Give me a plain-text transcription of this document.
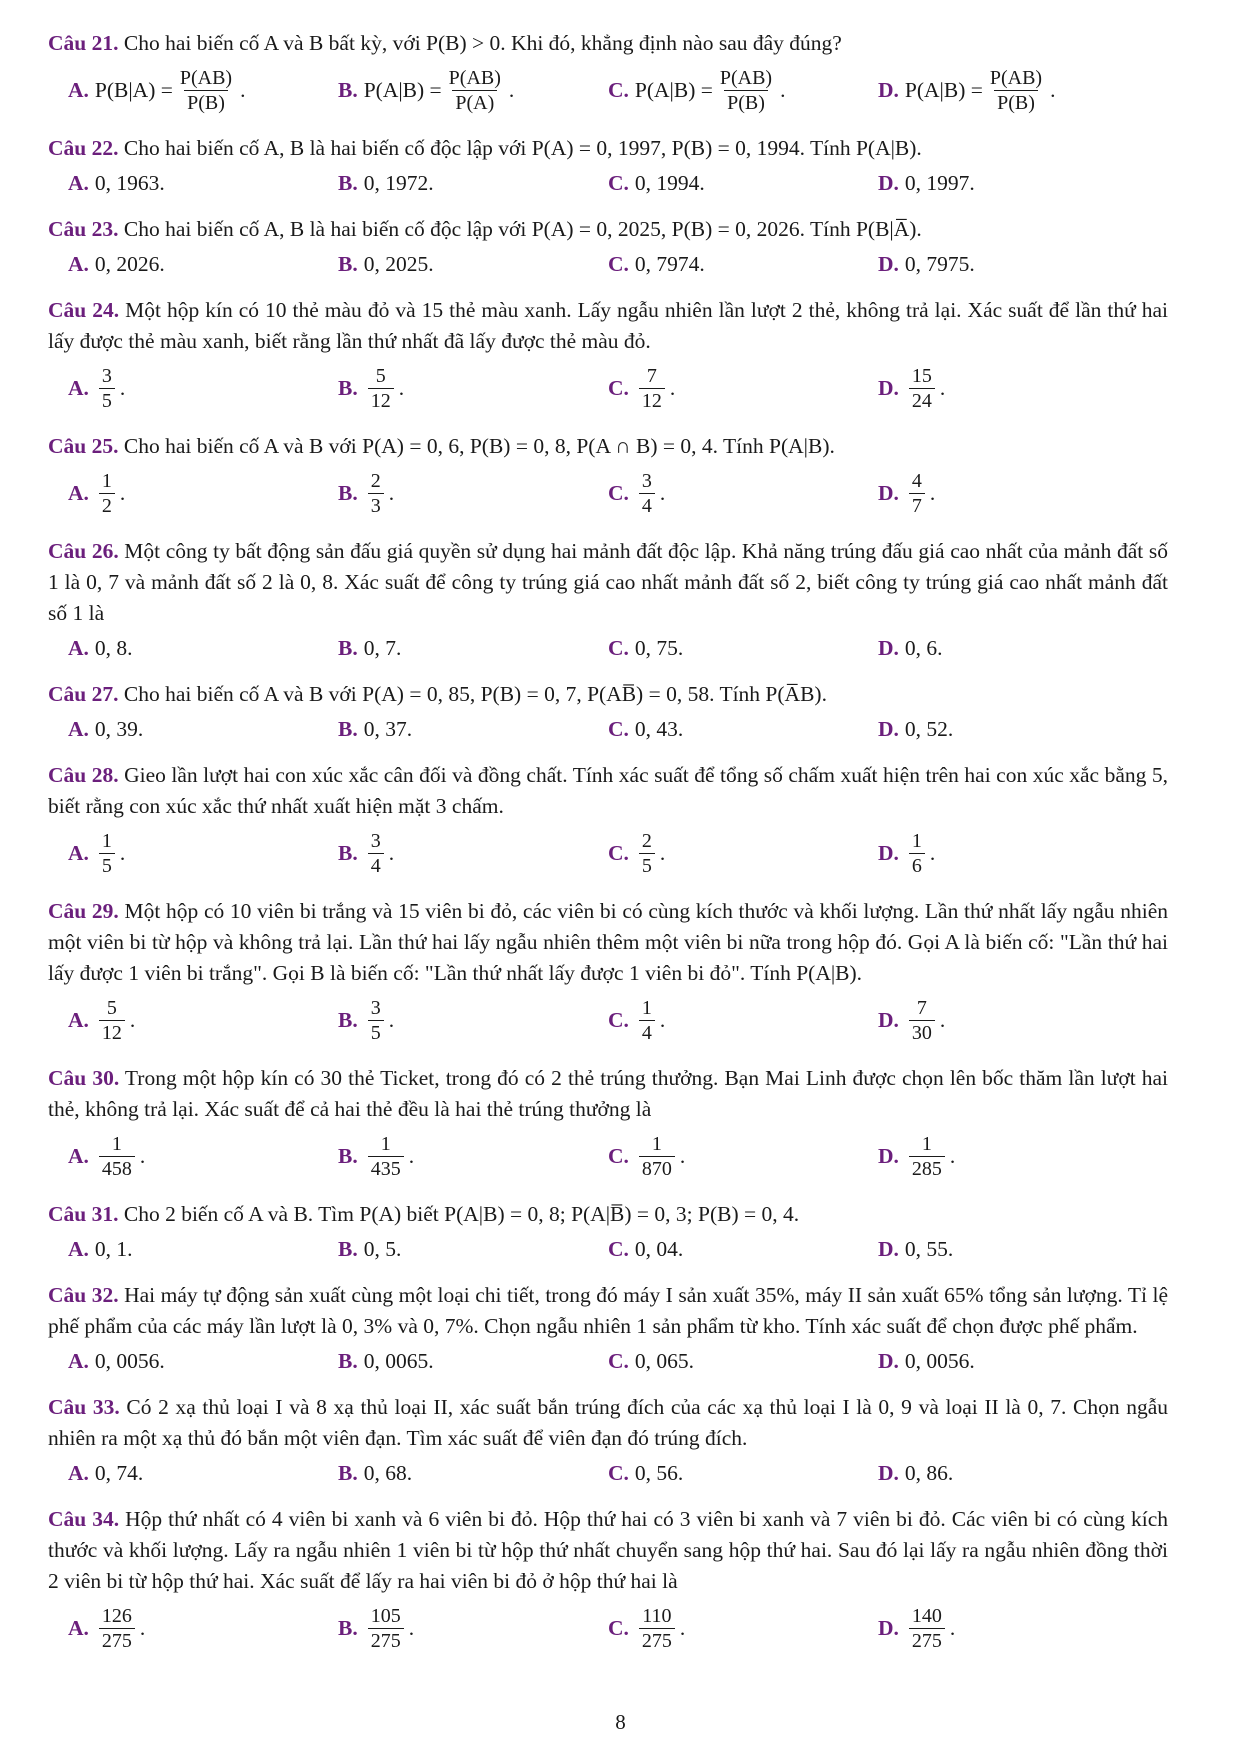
Câu 21. Cho hai biến cố A và B bất kỳ, với P(B) > 0. Khi đó, khẳng định nào sau đây đúng?
A. $P(B|A) = \frac{P(AB)}{P(B)}$ .	B. $P(A|B) = \frac{P(AB)}{P(A)}$ .	C. $P(A|B) = \frac{P(AB)}{P(B)}$ .	D. $P(A|B) = \frac{P(AB)}{P(B)}$ .
Câu 22. Cho hai biến cố A, B là hai biến cố độc lập với P(A) = 0, 1997, P(B) = 0, 1994. Tính P(A|B).
A. 0, 1963.	B. 0, 1972.	C. 0, 1994.	D. 0, 1997.
Câu 23. Cho hai biến cố A, B là hai biến cố độc lập với P(A) = 0, 2025, P(B) = 0, 2026. Tính P(B|A̅).
A. 0, 2026.	B. 0, 2025.	C. 0, 7974.	D. 0, 7975.
Câu 24. Một hộp kín có 10 thẻ màu đỏ và 15 thẻ màu xanh. Lấy ngẫu nhiên lần lượt 2 thẻ, không trả lại. Xác suất để lần thứ hai lấy được thẻ màu xanh, biết rằng lần thứ nhất đã lấy được thẻ màu đỏ.
A. $\frac{3}{5}$ .	B. $\frac{5}{12}$ .	C. $\frac{7}{12}$ .	D. $\frac{15}{24}$ .
Câu 25. Cho hai biến cố A và B với P(A) = 0, 6, P(B) = 0, 8, P(A ∩ B) = 0, 4. Tính P(A|B).
A. $\frac{1}{2}$ .	B. $\frac{2}{3}$ .	C. $\frac{3}{4}$ .	D. $\frac{4}{7}$ .
Câu 26. Một công ty bất động sản đấu giá quyền sử dụng hai mảnh đất độc lập. Khả năng trúng đấu giá cao nhất của mảnh đất số 1 là 0, 7 và mảnh đất số 2 là 0, 8. Xác suất để công ty trúng giá cao nhất mảnh đất số 2, biết công ty trúng giá cao nhất mảnh đất số 1 là
A. 0, 8.	B. 0, 7.	C. 0, 75.	D. 0, 6.
Câu 27. Cho hai biến cố A và B với P(A) = 0, 85, P(B) = 0, 7, P(AB̅) = 0, 58. Tính P(A̅B).
A. 0, 39.	B. 0, 37.	C. 0, 43.	D. 0, 52.
Câu 28. Gieo lần lượt hai con xúc xắc cân đối và đồng chất. Tính xác suất để tổng số chấm xuất hiện trên hai con xúc xắc bằng 5, biết rằng con xúc xắc thứ nhất xuất hiện mặt 3 chấm.
A. $\frac{1}{5}$ .	B. $\frac{3}{4}$ .	C. $\frac{2}{5}$ .	D. $\frac{1}{6}$ .
Câu 29. Một hộp có 10 viên bi trắng và 15 viên bi đỏ, các viên bi có cùng kích thước và khối lượng. Lần thứ nhất lấy ngẫu nhiên một viên bi từ hộp và không trả lại. Lần thứ hai lấy ngẫu nhiên thêm một viên bi nữa trong hộp đó. Gọi A là biến cố: "Lần thứ hai lấy được 1 viên bi trắng". Gọi B là biến cố: "Lần thứ nhất lấy được 1 viên bi đỏ". Tính P(A|B).
A. $\frac{5}{12}$ .	B. $\frac{3}{5}$ .	C. $\frac{1}{4}$ .	D. $\frac{7}{30}$ .
Câu 30. Trong một hộp kín có 30 thẻ Ticket, trong đó có 2 thẻ trúng thưởng. Bạn Mai Linh được chọn lên bốc thăm lần lượt hai thẻ, không trả lại. Xác suất để cả hai thẻ đều là hai thẻ trúng thưởng là
A. $\frac{1}{458}$ .	B. $\frac{1}{435}$ .	C. $\frac{1}{870}$ .	D. $\frac{1}{285}$ .
Câu 31. Cho 2 biến cố A và B. Tìm P(A) biết P(A|B) = 0, 8; P(A|B̅) = 0, 3; P(B) = 0, 4.
A. 0, 1.	B. 0, 5.	C. 0, 04.	D. 0, 55.
Câu 32. Hai máy tự động sản xuất cùng một loại chi tiết, trong đó máy I sản xuất 35%, máy II sản xuất 65% tổng sản lượng. Tỉ lệ phế phẩm của các máy lần lượt là 0, 3% và 0, 7%. Chọn ngẫu nhiên 1 sản phẩm từ kho. Tính xác suất để chọn được phế phẩm.
A. 0, 0056.	B. 0, 0065.	C. 0, 065.	D. 0, 0056.
Câu 33. Có 2 xạ thủ loại I và 8 xạ thủ loại II, xác suất bắn trúng đích của các xạ thủ loại I là 0, 9 và loại II là 0, 7. Chọn ngẫu nhiên ra một xạ thủ đó bắn một viên đạn. Tìm xác suất để viên đạn đó trúng đích.
A. 0, 74.	B. 0, 68.	C. 0, 56.	D. 0, 86.
Câu 34. Hộp thứ nhất có 4 viên bi xanh và 6 viên bi đỏ. Hộp thứ hai có 3 viên bi xanh và 7 viên bi đỏ. Các viên bi có cùng kích thước và khối lượng. Lấy ra ngẫu nhiên 1 viên bi từ hộp thứ nhất chuyển sang hộp thứ hai. Sau đó lại lấy ra ngẫu nhiên đồng thời 2 viên bi từ hộp thứ hai. Xác suất để lấy ra hai viên bi đỏ ở hộp thứ hai là
A. $\frac{126}{275}$ .	B. $\frac{105}{275}$ .	C. $\frac{110}{275}$ .	D. $\frac{140}{275}$ .
8
